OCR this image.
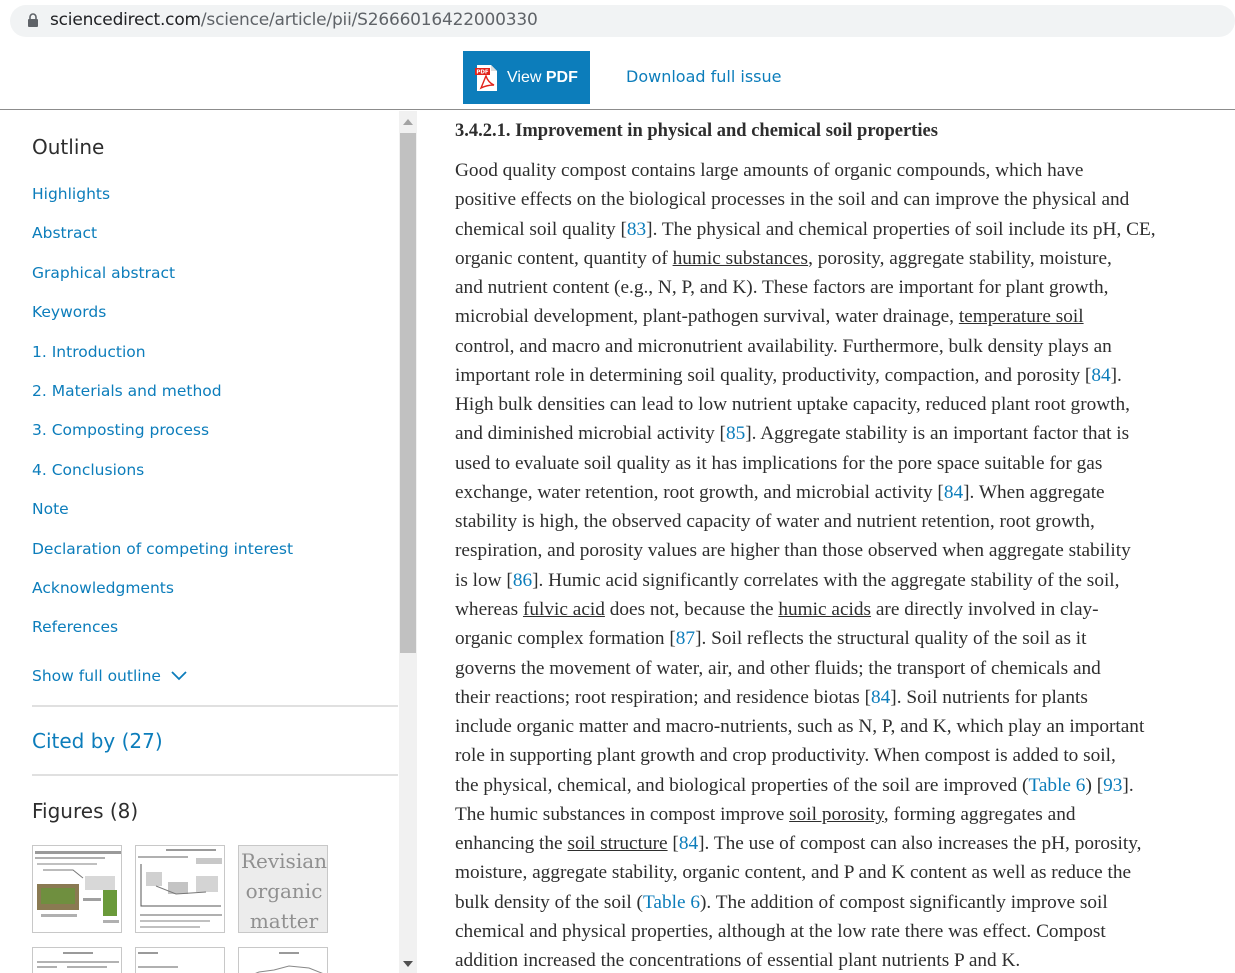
sciencedirect.com/science/article/pii/S2666016422000330
PDF View PDF	Download full issue
Outline
Highlights
Abstract
Graphical abstract
Keywords
1. Introduction
2. Materials and method
3. Composting process
4. Conclusions
Note
Declaration of competing interest
Acknowledgments
References
Show full outline
Cited by (27)
Figures (8)
Revisian
organic
matter
3.4.2.1. Improvement in physical and chemical soil properties
Good quality compost contains large amounts of organic compounds, which have
positive effects on the biological processes in the soil and can improve the physical and
chemical soil quality [83]. The physical and chemical properties of soil include its pH, CE,
organic content, quantity of humic substances, porosity, aggregate stability, moisture,
and nutrient content (e.g., N, P, and K). These factors are important for plant growth,
microbial development, plant-pathogen survival, water drainage, temperature soil
control, and macro and micronutrient availability. Furthermore, bulk density plays an
important role in determining soil quality, productivity, compaction, and porosity [84].
High bulk densities can lead to low nutrient uptake capacity, reduced plant root growth,
and diminished microbial activity [85]. Aggregate stability is an important factor that is
used to evaluate soil quality as it has implications for the pore space suitable for gas
exchange, water retention, root growth, and microbial activity [84]. When aggregate
stability is high, the observed capacity of water and nutrient retention, root growth,
respiration, and porosity values are higher than those observed when aggregate stability
is low [86]. Humic acid significantly correlates with the aggregate stability of the soil,
whereas fulvic acid does not, because the humic acids are directly involved in clay-
organic complex formation [87]. Soil reflects the structural quality of the soil as it
governs the movement of water, air, and other fluids; the transport of chemicals and
their reactions; root respiration; and residence biotas [84]. Soil nutrients for plants
include organic matter and macro-nutrients, such as N, P, and K, which play an important
role in supporting plant growth and crop productivity. When compost is added to soil,
the physical, chemical, and biological properties of the soil are improved (Table 6) [93].
The humic substances in compost improve soil porosity, forming aggregates and
enhancing the soil structure [84]. The use of compost can also increases the pH, porosity,
moisture, aggregate stability, organic content, and P and K content as well as reduce the
bulk density of the soil (Table 6). The addition of compost significantly improve soil
chemical and physical properties, although at the low rate there was effect. Compost
addition increased the concentrations of essential plant nutrients P and K.
